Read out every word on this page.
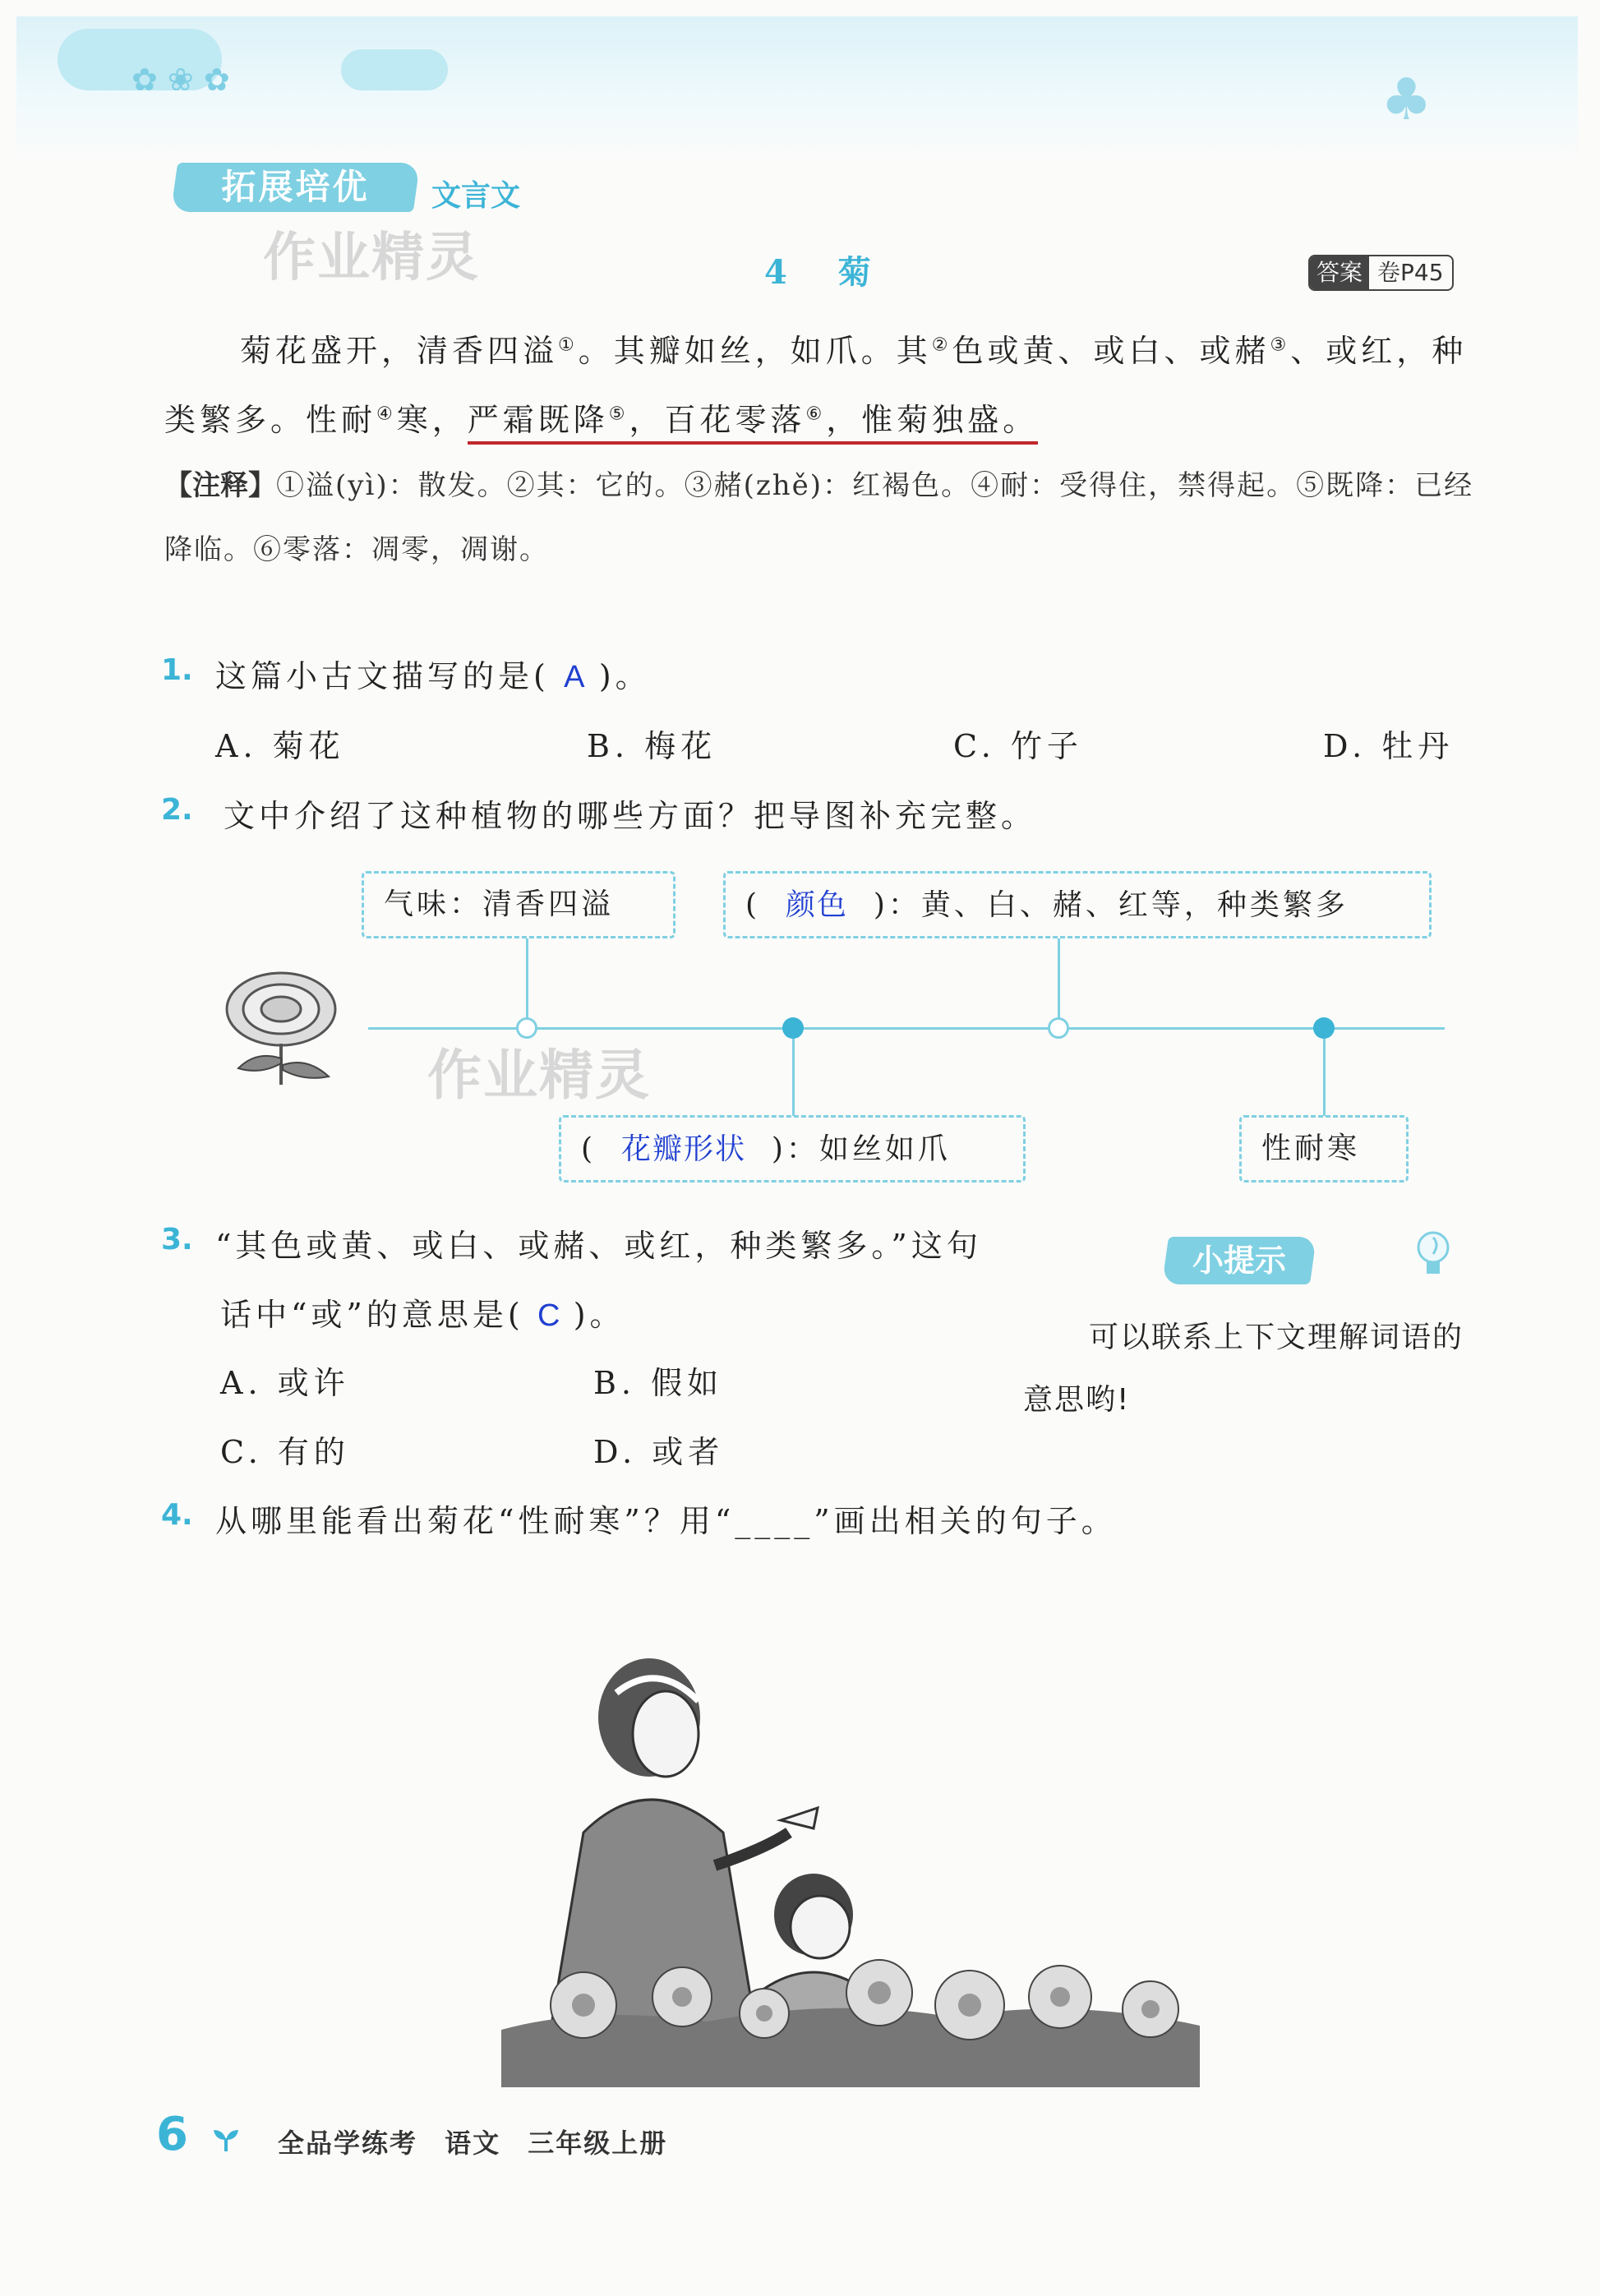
✿ ❀ ✿	♣
拓展培优	文言文
作业精灵	4 菊	答案 卷P45

菊花盛开，清香四溢①。其瓣如丝，如爪。其②色或黄、或白、或赭③、或红，种

类繁多。性耐④寒，严霜既降⑤，百花零落⑥，惟菊独盛。

【注释】①溢(yì)：散发。②其：它的。③赭(zhě)：红褐色。④耐：受得住，禁得起。⑤既降：已经
降临。⑥零落：凋零，凋谢。
1. 这篇小古文描写的是( A )。
A. 菊花	B. 梅花	C. 竹子	D. 牡丹
2. 文中介绍了这种植物的哪些方面？把导图补充完整。
气味：清香四溢	( 颜色 )：黄、白、赭、红等，种类繁多
( 花瓣形状 )：如丝如爪	性耐寒
作业精灵
3. “其色或黄、或白、或赭、或红，种类繁多。”这句
话中“或”的意思是( C )。
A. 或许	B. 假如
C. 有的	D. 或者
小提示
可以联系上下文理解词语的意思哟!
4. 从哪里能看出菊花“性耐寒”？用“____”画出相关的句子。
6	全品学练考 语文 三年级上册
